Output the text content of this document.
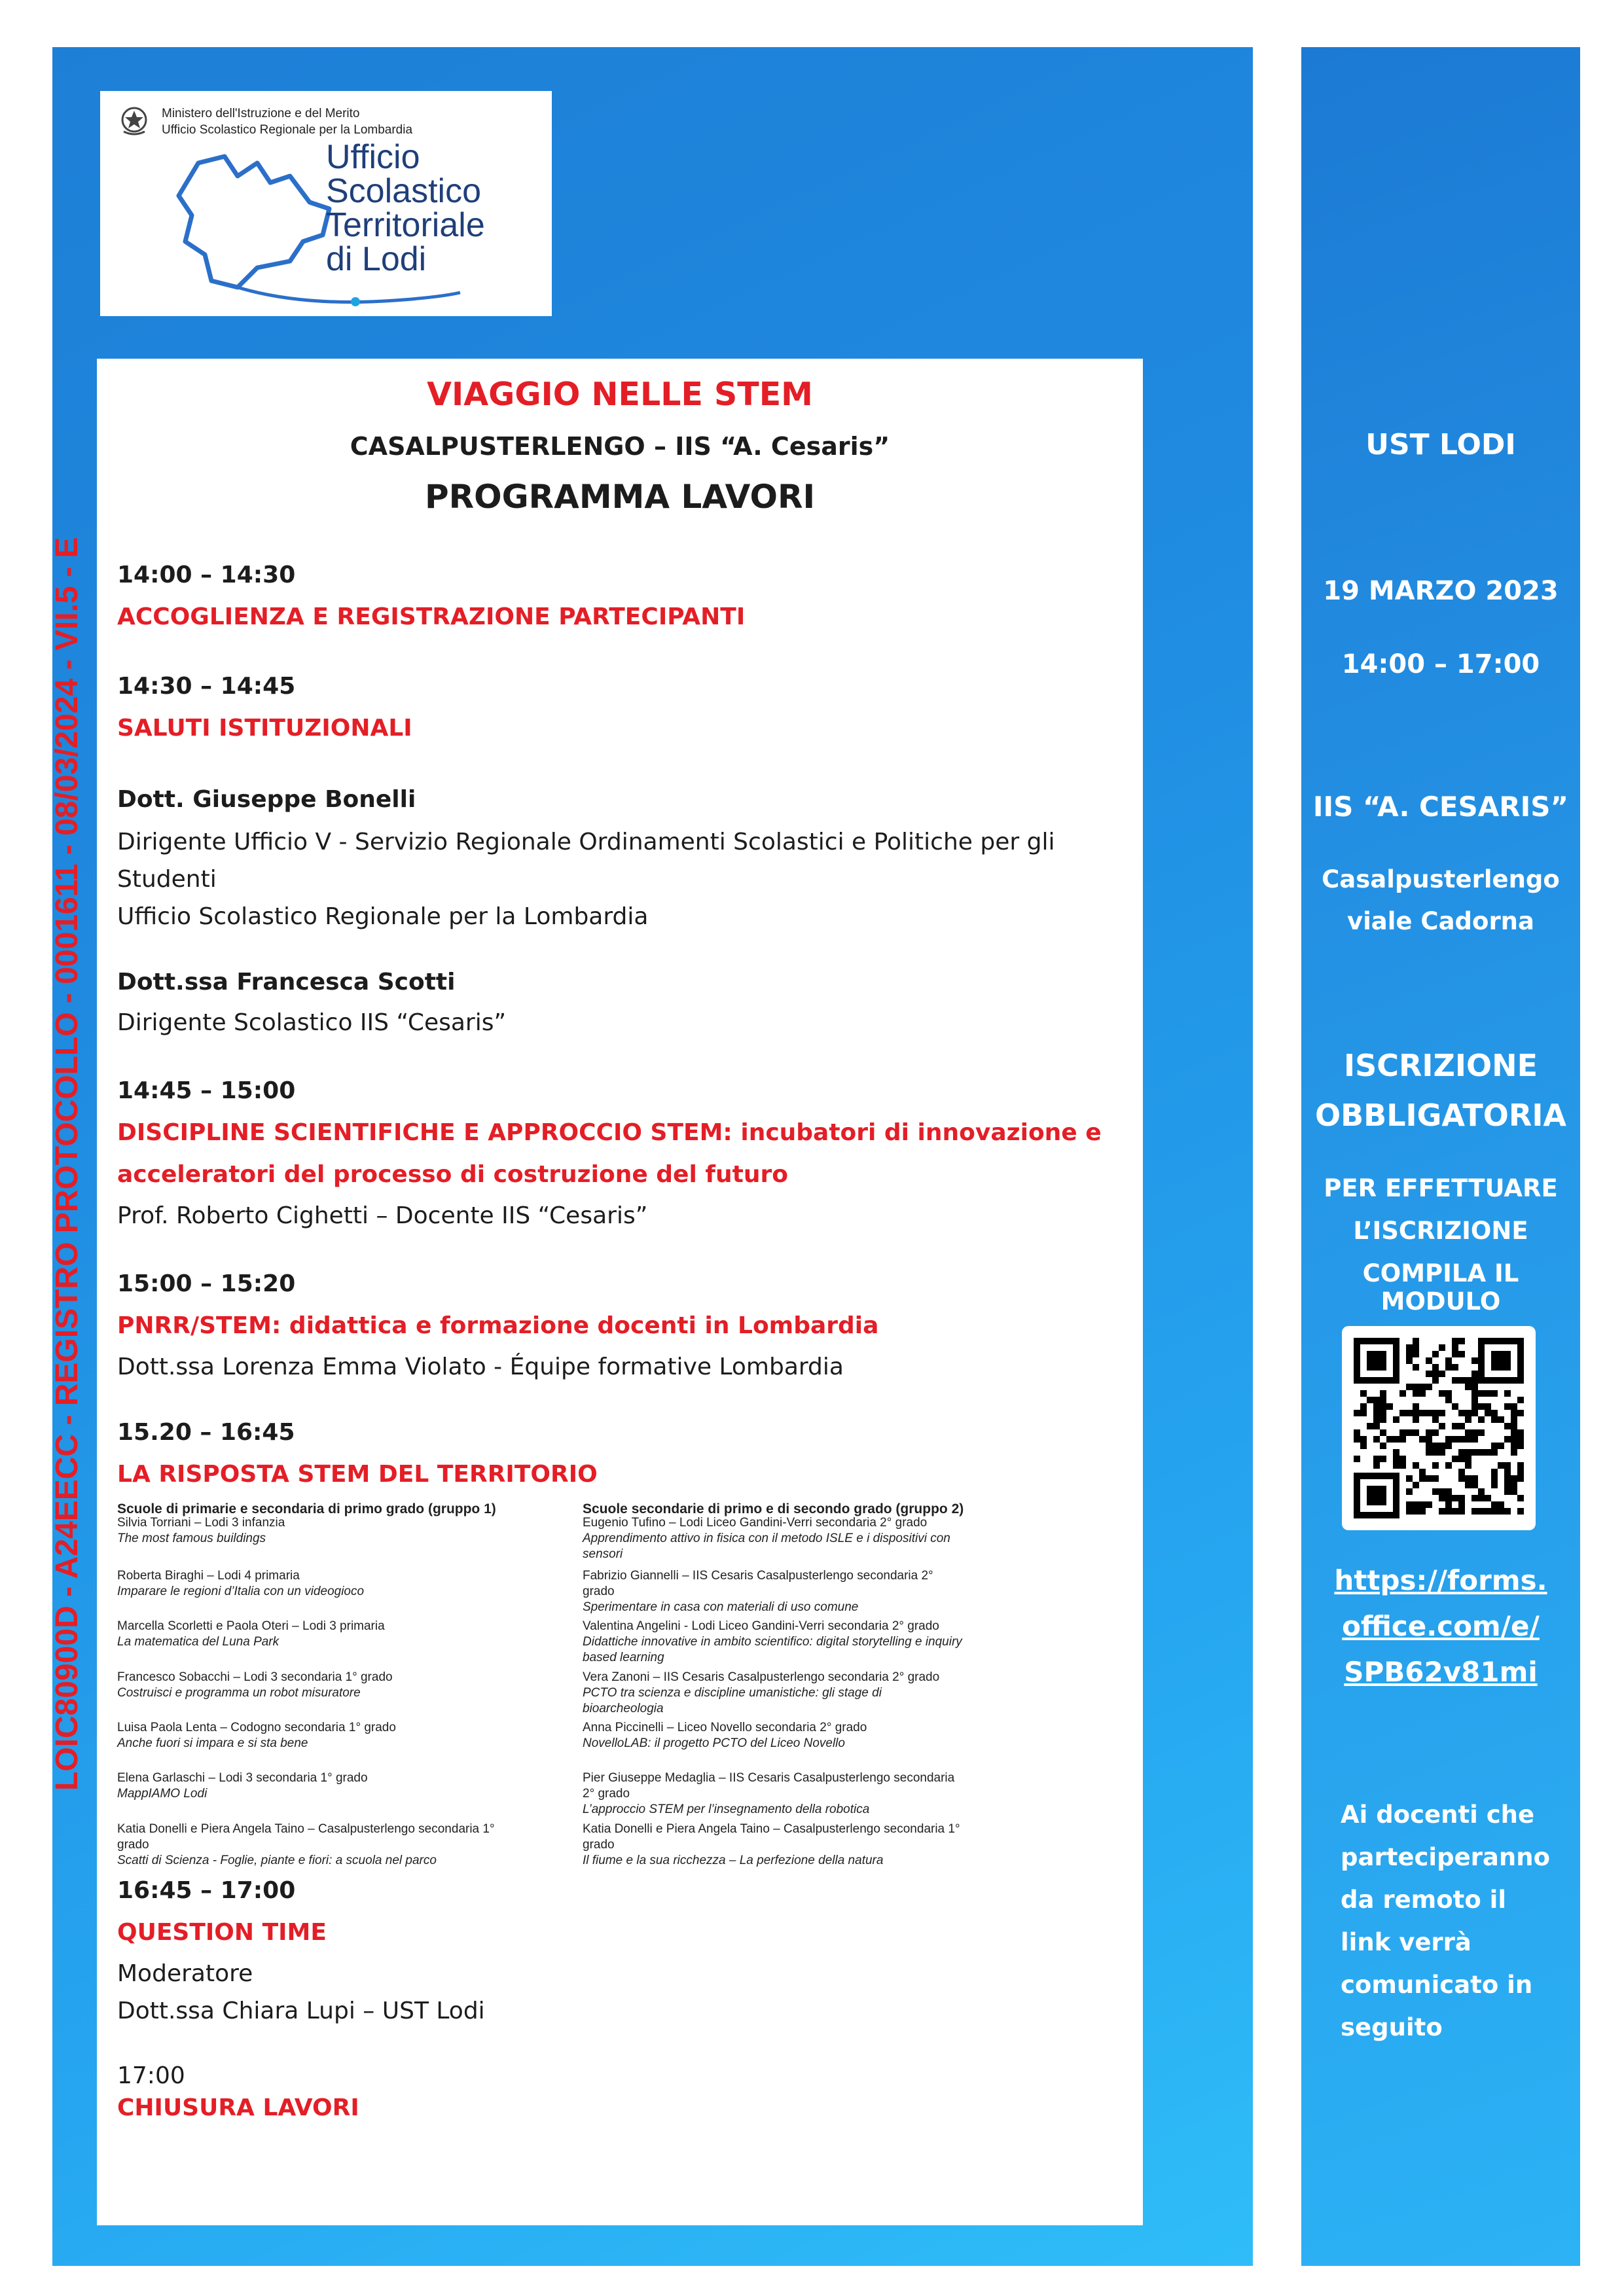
LOIC80900D - A24EECC - REGISTRO PROTOCOLLO - 0001611 - 08/03/2024 - VII.5 - E
Ministero dell'Istruzione e del Merito
Ufficio Scolastico Regionale per la Lombardia
Ufficio
Scolastico
Territoriale
di Lodi
VIAGGIO NELLE STEM
CASALPUSTERLENGO – IIS “A. Cesaris”
PROGRAMMA LAVORI
14:00 – 14:30
ACCOGLIENZA E REGISTRAZIONE PARTECIPANTI
14:30 – 14:45
SALUTI ISTITUZIONALI
Dott. Giuseppe Bonelli
Dirigente Ufficio V - Servizio Regionale Ordinamenti Scolastici e Politiche per gli
Studenti
Ufficio Scolastico Regionale per la Lombardia
Dott.ssa Francesca Scotti
Dirigente Scolastico IIS “Cesaris”
14:45 – 15:00
DISCIPLINE SCIENTIFICHE E APPROCCIO STEM: incubatori di innovazione e
acceleratori del processo di costruzione del futuro
Prof. Roberto Cighetti – Docente IIS “Cesaris”
15:00 – 15:20
PNRR/STEM: didattica e formazione docenti in Lombardia
Dott.ssa Lorenza Emma Violato - Équipe formative Lombardia
15.20 – 16:45
LA RISPOSTA STEM DEL TERRITORIO
Scuole di primarie e secondaria di primo grado (gruppo 1)
Silvia Torriani – Lodi 3 infanzia
The most famous buildings
Roberta Biraghi – Lodi 4 primaria
Imparare le regioni d’Italia con un videogioco
Marcella Scorletti e Paola Oteri – Lodi 3 primaria
La matematica del Luna Park
Francesco Sobacchi – Lodi 3 secondaria 1° grado
Costruisci e programma un robot misuratore
Luisa Paola Lenta – Codogno secondaria 1° grado
Anche fuori si impara e si sta bene
Elena Garlaschi – Lodi 3 secondaria 1° grado
MappIAMO Lodi
Katia Donelli e Piera Angela Taino – Casalpusterlengo secondaria 1° grado
Scatti di Scienza - Foglie, piante e fiori: a scuola nel parco
Scuole secondarie di primo e di secondo grado (gruppo 2)
Eugenio Tufino – Lodi Liceo Gandini-Verri secondaria 2° grado
Apprendimento attivo in fisica con il metodo ISLE e i dispositivi con sensori
Fabrizio Giannelli – IIS Cesaris Casalpusterlengo secondaria 2° grado
Sperimentare in casa con materiali di uso comune
Valentina Angelini - Lodi Liceo Gandini-Verri secondaria 2° grado
Didattiche innovative in ambito scientifico: digital storytelling e inquiry based learning
Vera Zanoni – IIS Cesaris Casalpusterlengo secondaria 2° grado
PCTO tra scienza e discipline umanistiche: gli stage di bioarcheologia
Anna Piccinelli – Liceo Novello secondaria 2° grado
NovelloLAB: il progetto PCTO del Liceo Novello
Pier Giuseppe Medaglia – IIS Cesaris Casalpusterlengo secondaria 2° grado
L’approccio STEM per l’insegnamento della robotica
Katia Donelli e Piera Angela Taino – Casalpusterlengo secondaria 1° grado
Il fiume e la sua ricchezza – La perfezione della natura
16:45 – 17:00
QUESTION TIME
Moderatore
Dott.ssa Chiara Lupi – UST Lodi
17:00
CHIUSURA LAVORI
UST LODI
19 MARZO 2023
14:00 – 17:00
IIS “A. CESARIS”
Casalpusterlengo
viale Cadorna
ISCRIZIONE
OBBLIGATORIA
PER EFFETTUARE
L’ISCRIZIONE
COMPILA IL MODULO
https://forms.
office.com/e/
SPB62v81mi
Ai docenti che
parteciperanno
da remoto il
link verrà
comunicato in
seguito
